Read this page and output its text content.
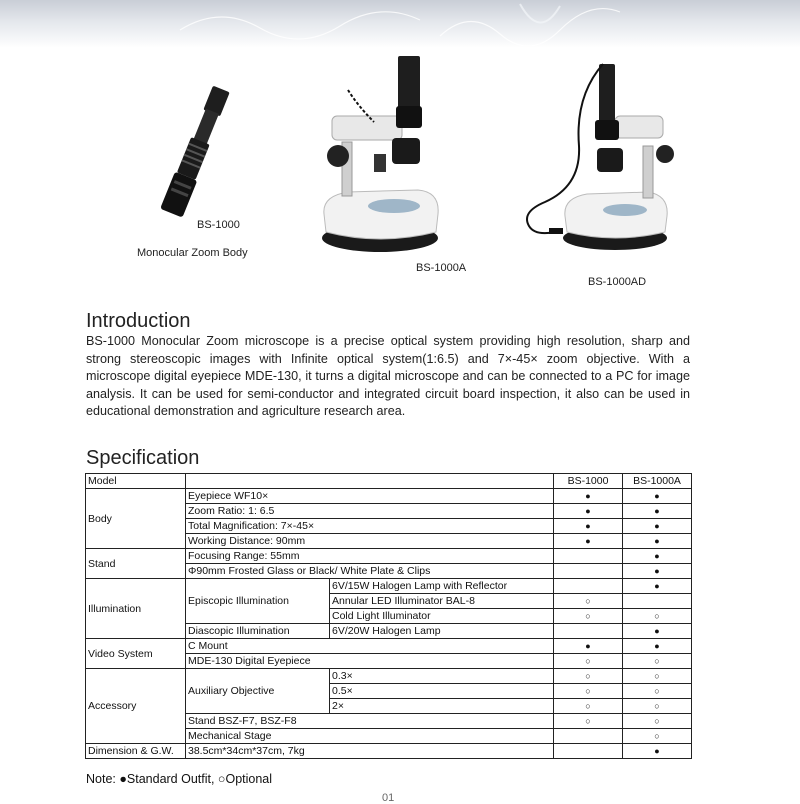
BS-1000
Monocular Zoom Body
BS-1000A
BS-1000AD
Introduction

BS-1000 Monocular Zoom microscope is a precise optical system providing high resolution, sharp and strong stereoscopic images with Infinite optical system(1:6.5) and 7×-45× zoom objective. With a microscope digital eyepiece MDE-130, it turns a digital microscope and can be connected to a PC for image analysis. It can be used for semi-conductor and integrated circuit board inspection, it also can be used in educational demonstration and agriculture research area.

Specification
Model			BS-1000	BS-1000A
Body	Eyepiece WF10×		●	●
	Zoom Ratio: 1: 6.5		●	●
	Total Magnification: 7×-45×		●	●
	Working Distance: 90mm		●	●
Stand	Focusing Range: 55mm			●
	Φ90mm Frosted Glass or Black/ White Plate & Clips			●
Illumination	Episcopic Illumination	6V/15W Halogen Lamp with Reflector		●
		Annular LED Illuminator BAL-8	○	
		Cold Light Illuminator	○	○
	Diascopic Illumination	6V/20W Halogen Lamp		●
Video System	C Mount		●	●
	MDE-130 Digital Eyepiece		○	○
Accessory	Auxiliary Objective	0.3×	○	○
		0.5×	○	○
		2×	○	○
	Stand BSZ-F7, BSZ-F8		○	○
	Mechanical Stage			○
Dimension & G.W.	38.5cm*34cm*37cm, 7kg			●
Note: ●Standard Outfit, ○Optional
01
